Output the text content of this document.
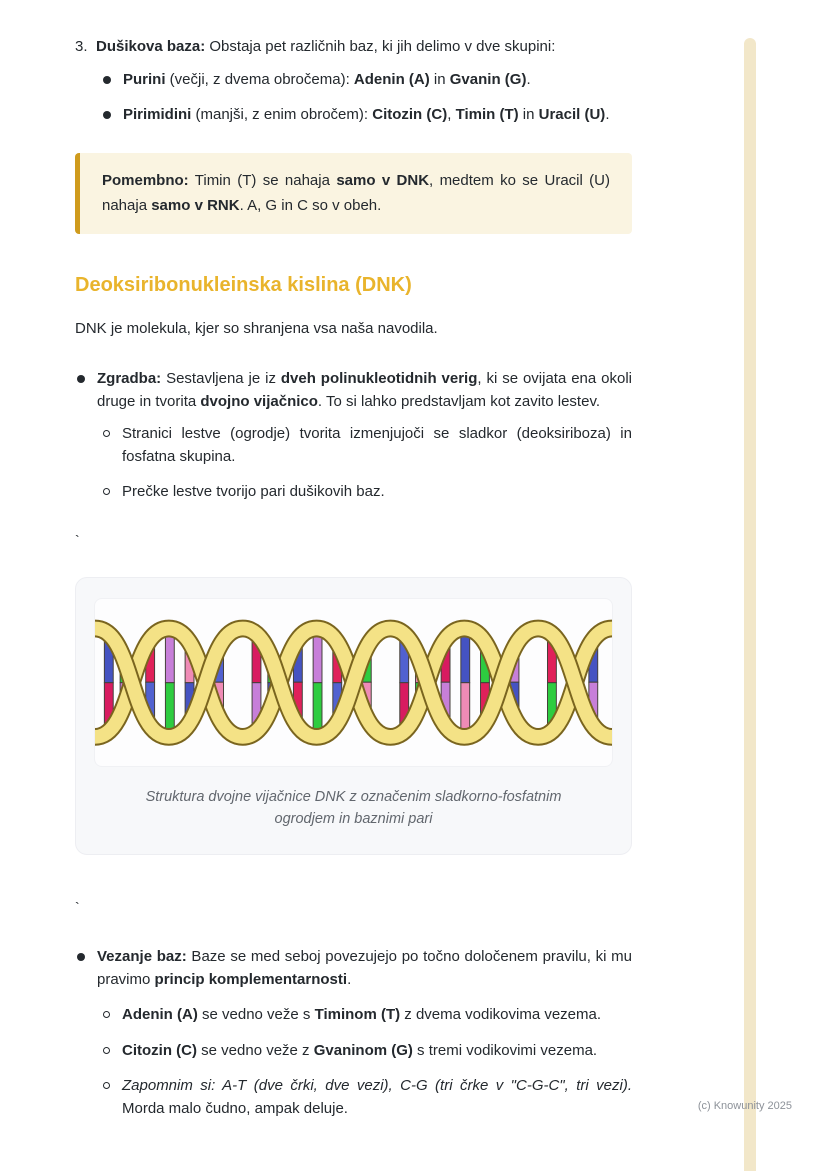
3. Dušikova baza: Obstaja pet različnih baz, ki jih delimo v dve skupini:
Purini (večji, z dvema obročema): Adenin (A) in Gvanin (G).
Pirimidini (manjši, z enim obročem): Citozin (C), Timin (T) in Uracil (U).
Pomembno: Timin (T) se nahaja samo v DNK, medtem ko se Uracil (U) nahaja samo v RNK. A, G in C so v obeh.
Deoksiribonukleinska kislina (DNK)

DNK je molekula, kjer so shranjena vsa naša navodila.

Zgradba: Sestavljena je iz dveh polinukleotidnih verig, ki se ovijata ena okoli druge in tvorita dvojno vijačnico. To si lahko predstavljam kot zavito lestev.
Stranici lestve (ogrodje) tvorita izmenjujoči se sladkor (deoksiriboza) in fosfatna skupina.
Prečke lestve tvorijo pari dušikovih baz.
`
Struktura dvojne vijačnice DNK z označenim sladkorno-fosfatnim ogrodjem in baznimi pari
`
Vezanje baz: Baze se med seboj povezujejo po točno določenem pravilu, ki mu pravimo princip komplementarnosti.
Adenin (A) se vedno veže s Timinom (T) z dvema vodikovima vezema.
Citozin (C) se vedno veže z Gvaninom (G) s tremi vodikovimi vezema.
Zapomnim si: A-T (dve črki, dve vezi), C-G (tri črke v "C-G-C", tri vezi). Morda malo čudno, ampak deluje.	(c) Knowunity 2025
